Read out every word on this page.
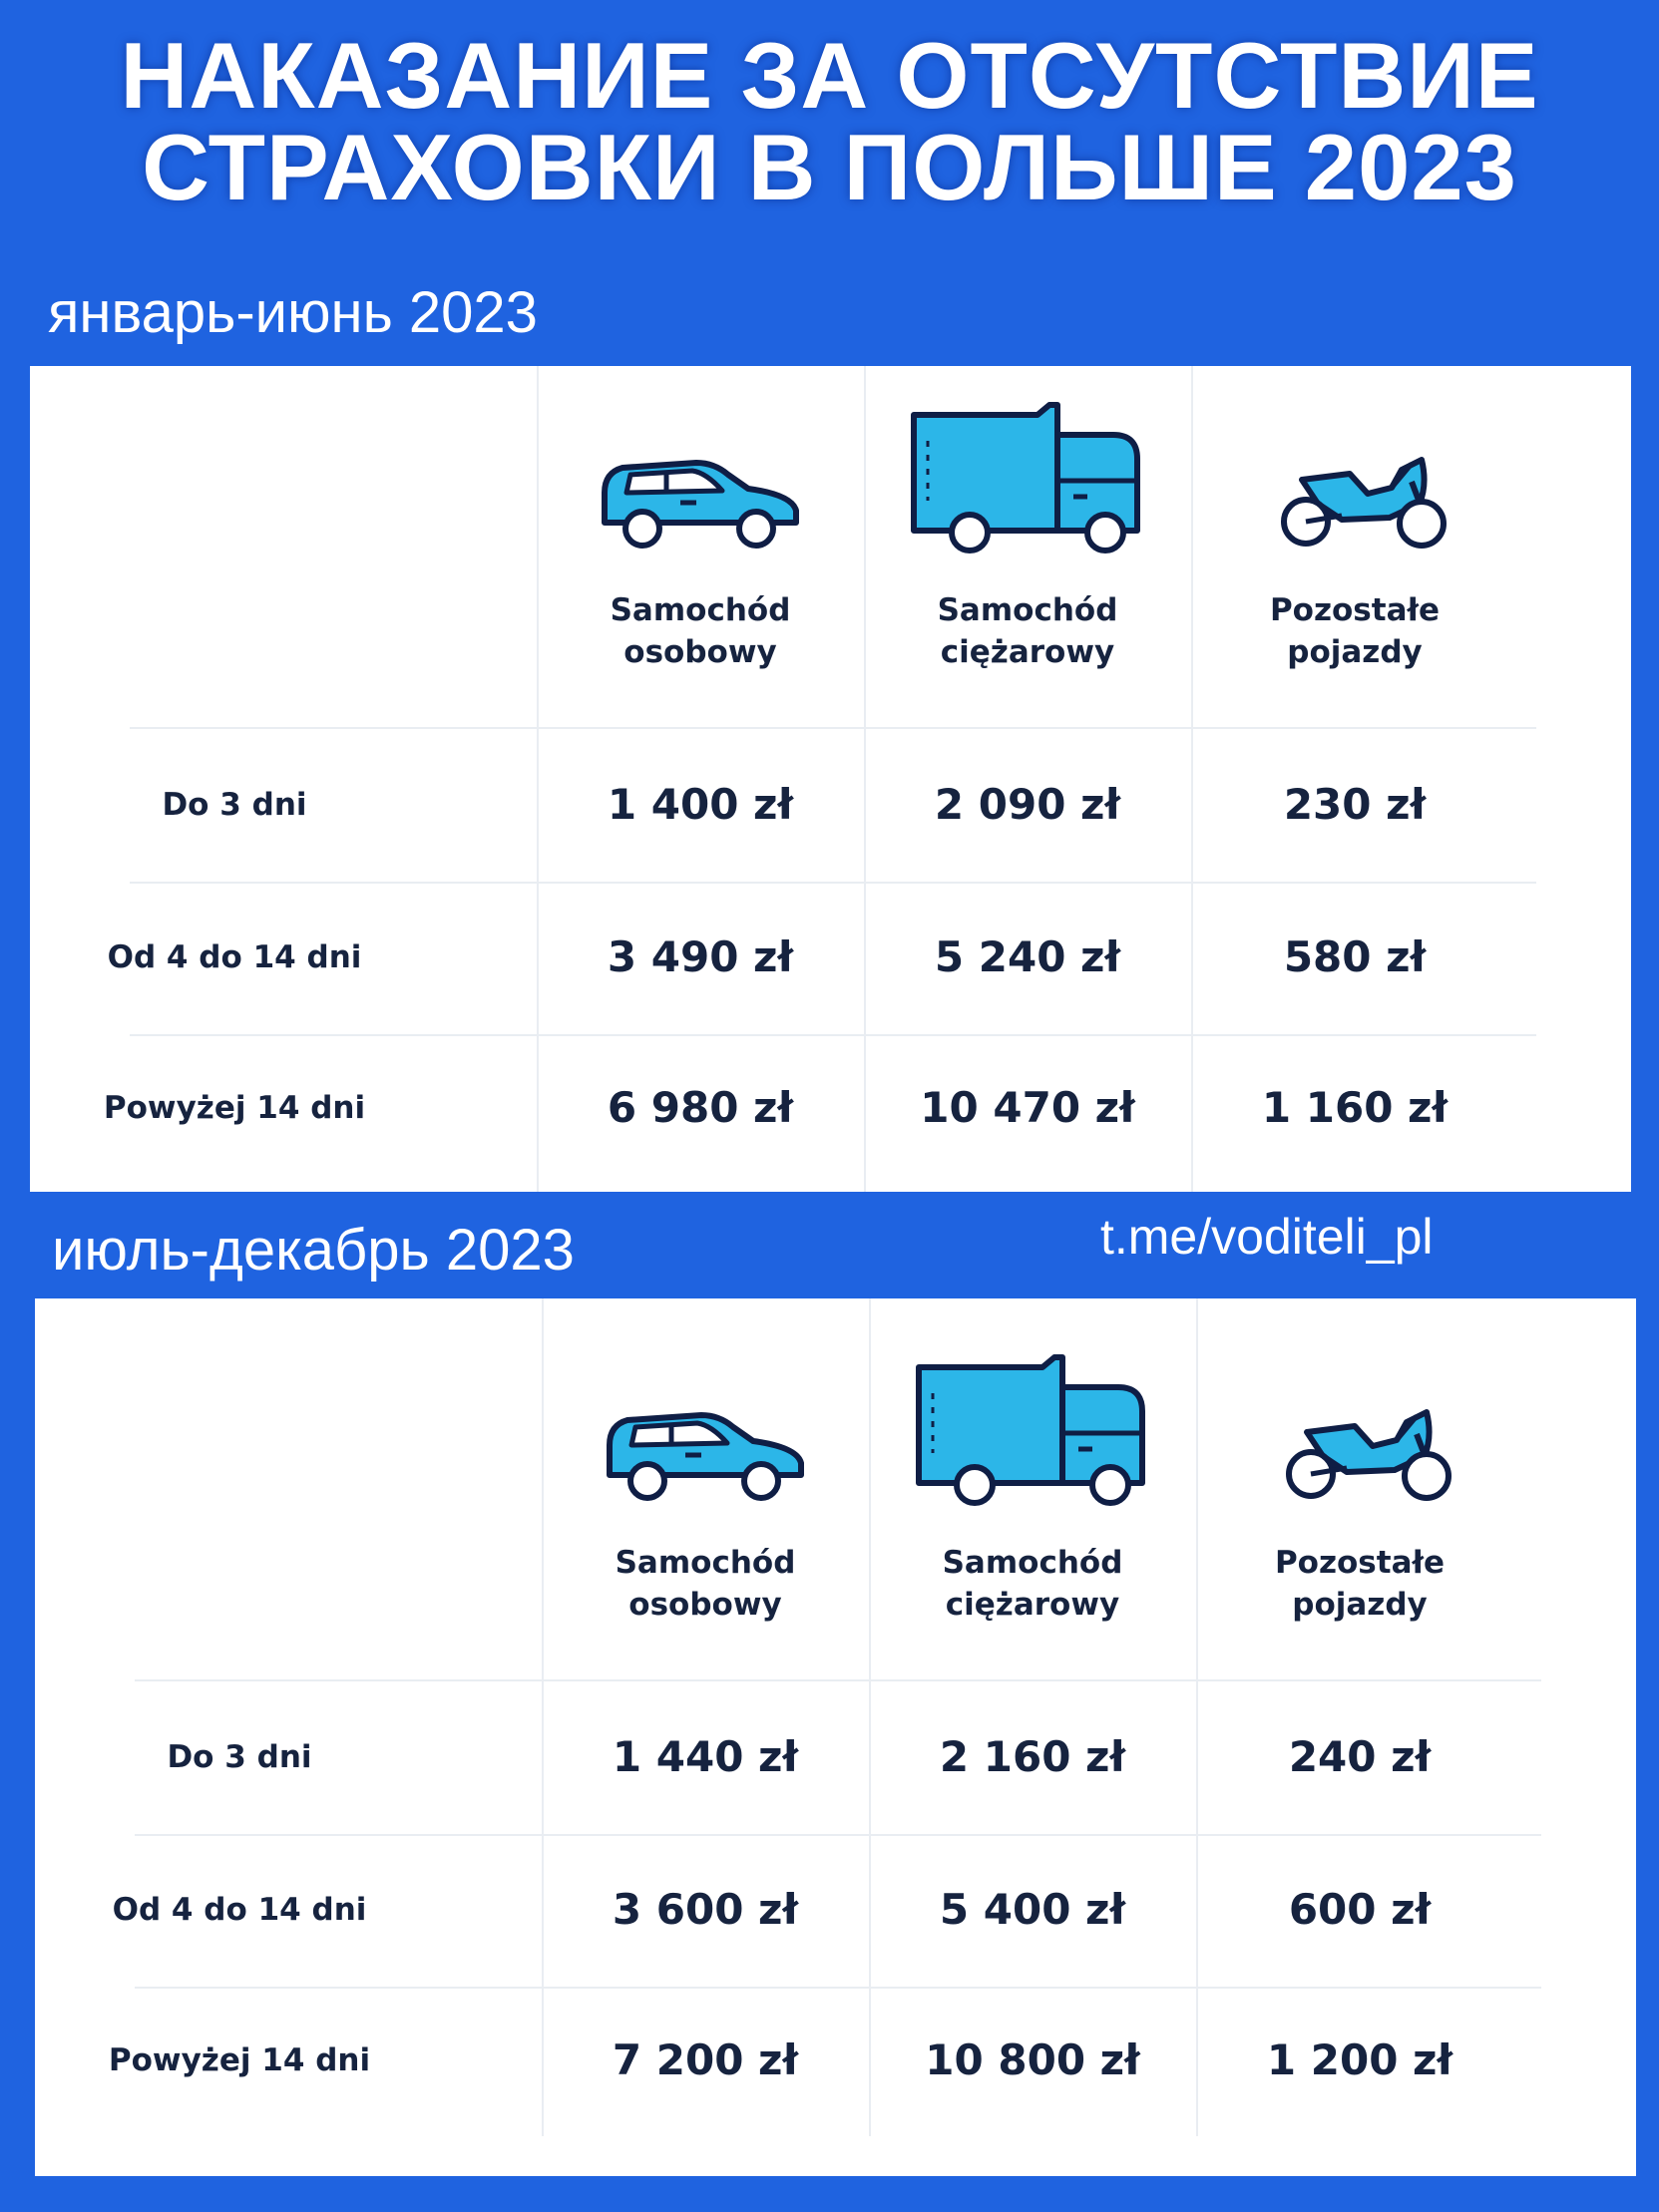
НАКАЗАНИЕ ЗА ОТСУТСТВИЕ
СТРАХОВКИ В ПОЛЬШЕ 2023
январь-июнь 2023
t.me/voditeli_pl
июль-декабрь 2023
Samochód
osobowy
Samochód
ciężarowy
Pozostałe
pojazdy
Do 3 dni	1 400 zł	2 090 zł	230 zł
Od 4 do 14 dni	3 490 zł	5 240 zł	580 zł
Powyżej 14 dni	6 980 zł	10 470 zł	1 160 zł
Samochód
osobowy
Samochód
ciężarowy
Pozostałe
pojazdy
Do 3 dni	1 440 zł	2 160 zł	240 zł
Od 4 do 14 dni	3 600 zł	5 400 zł	600 zł
Powyżej 14 dni	7 200 zł	10 800 zł	1 200 zł
